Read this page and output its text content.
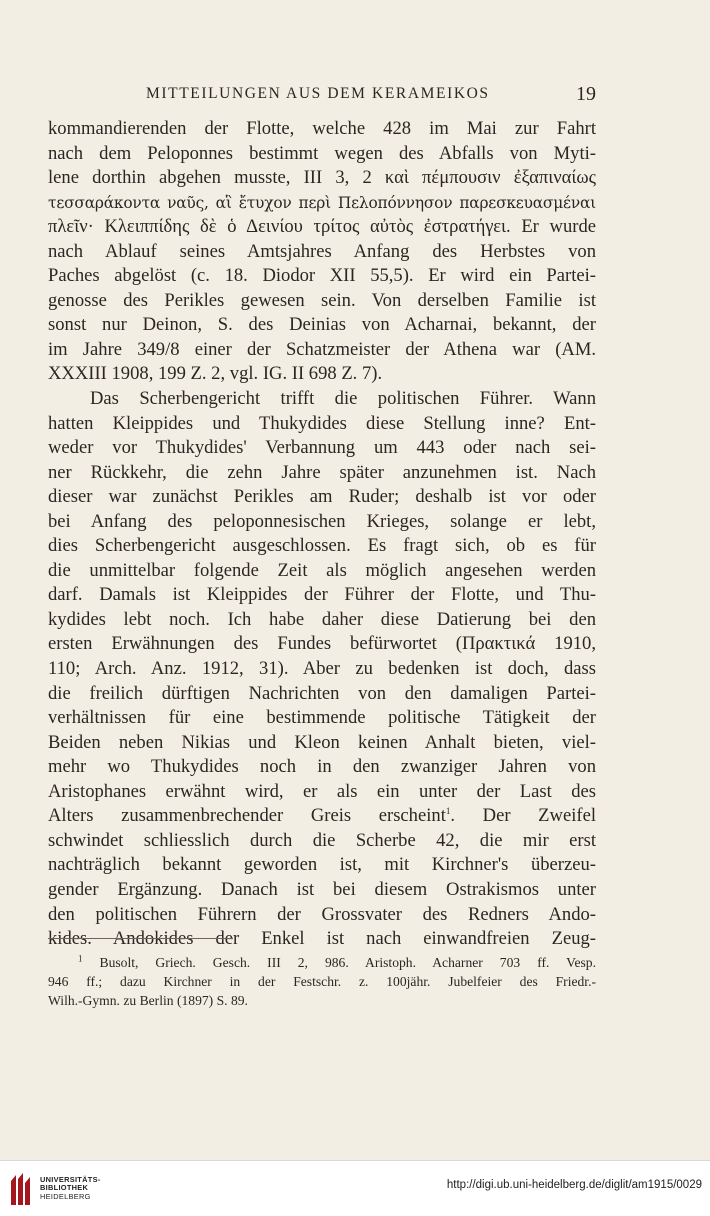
MITTEILUNGEN AUS DEM KERAMEIKOS	19
kommandierenden der Flotte, welche 428 im Mai zur Fahrt
nach dem Peloponnes bestimmt wegen des Abfalls von Myti-
lene dorthin abgehen musste, III 3, 2 καὶ πέμπουσιν ἐξαπιναίως
τεσσαράκοντα ναῦς, αἳ ἔτυχον περὶ Πελοπόννησον παρεσκευασμέναι
πλεῖν· Κλειππίδης δὲ ὁ Δεινίου τρίτος αὐτὸς ἐστρατήγει. Er wurde
nach Ablauf seines Amtsjahres Anfang des Herbstes von
Paches abgelöst (c. 18. Diodor XII 55,5). Er wird ein Partei-
genosse des Perikles gewesen sein. Von derselben Familie ist
sonst nur Deinon, S. des Deinias von Acharnai, bekannt, der
im Jahre 349/8 einer der Schatzmeister der Athena war (AM.
XXXIII 1908, 199 Z. 2, vgl. IG. II 698 Z. 7).
Das Scherbengericht trifft die politischen Führer. Wann
hatten Kleippides und Thukydides diese Stellung inne? Ent-
weder vor Thukydides' Verbannung um 443 oder nach sei-
ner Rückkehr, die zehn Jahre später anzunehmen ist. Nach
dieser war zunächst Perikles am Ruder; deshalb ist vor oder
bei Anfang des peloponnesischen Krieges, solange er lebt,
dies Scherbengericht ausgeschlossen. Es fragt sich, ob es für
die unmittelbar folgende Zeit als möglich angesehen werden
darf. Damals ist Kleippides der Führer der Flotte, und Thu-
kydides lebt noch. Ich habe daher diese Datierung bei den
ersten Erwähnungen des Fundes befürwortet (Πρακτικά 1910,
110; Arch. Anz. 1912, 31). Aber zu bedenken ist doch, dass
die freilich dürftigen Nachrichten von den damaligen Partei-
verhältnissen für eine bestimmende politische Tätigkeit der
Beiden neben Nikias und Kleon keinen Anhalt bieten, viel-
mehr wo Thukydides noch in den zwanziger Jahren von
Aristophanes erwähnt wird, er als ein unter der Last des
Alters zusammenbrechender Greis erscheint$^1$. Der Zweifel
schwindet schliesslich durch die Scherbe 42, die mir erst
nachträglich bekannt geworden ist, mit Kirchner's überzeu-
gender Ergänzung. Danach ist bei diesem Ostrakismos unter
den politischen Führern der Grossvater des Redners Ando-
kides. Andokides der Enkel ist nach einwandfreien Zeug-
$^1$ Busolt, Griech. Gesch. III 2, 986. Aristoph. Acharner 703 ff. Vesp.
946 ff.; dazu Kirchner in der Festschr. z. 100jähr. Jubelfeier des Friedr.-
Wilh.-Gymn. zu Berlin (1897) S. 89.
UNIVERSITÄTS-
BIBLIOTHEK
HEIDELBERG
http://digi.ub.uni-heidelberg.de/diglit/am1915/0029
